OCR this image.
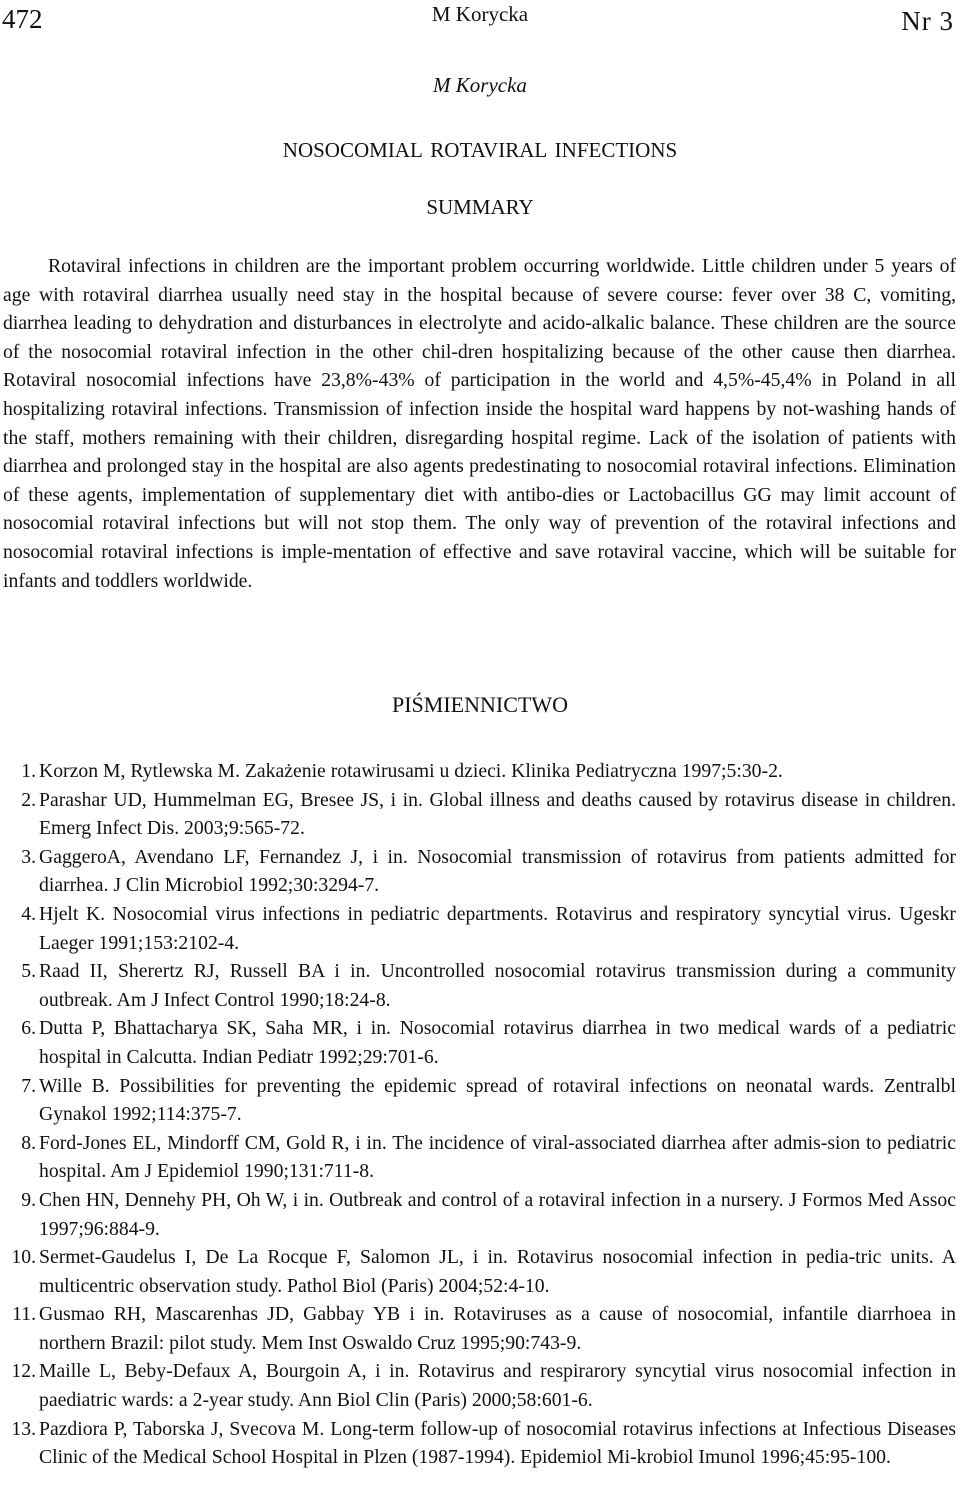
472	M Korycka	Nr 3
M Korycka
NOSOCOMIAL ROTAVIRAL INFECTIONS
SUMMARY

Rotaviral infections in children are the important problem occurring worldwide. Little children under 5 years of age with rotaviral diarrhea usually need stay in the hospital because of severe course: fever over 38 C, vomiting, diarrhea leading to dehydration and disturbances in electrolyte and acido-alkalic balance. These children are the source of the nosocomial rotaviral infection in the other chil-dren hospitalizing because of the other cause then diarrhea. Rotaviral nosocomial infections have 23,8%-43% of participation in the world and 4,5%-45,4% in Poland in all hospitalizing rotaviral infections. Transmission of infection inside the hospital ward happens by not-washing hands of the staff, mothers remaining with their children, disregarding hospital regime. Lack of the isolation of patients with diarrhea and prolonged stay in the hospital are also agents predestinating to nosocomial rotaviral infections. Elimination of these agents, implementation of supplementary diet with antibo-dies or Lactobacillus GG may limit account of nosocomial rotaviral infections but will not stop them. The only way of prevention of the rotaviral infections and nosocomial rotaviral infections is imple-mentation of effective and save rotaviral vaccine, which will be suitable for infants and toddlers worldwide.

PIŚMIENNICTWO
1. Korzon M, Rytlewska M. Zakażenie rotawirusami u dzieci. Klinika Pediatryczna 1997;5:30-2.
2. Parashar UD, Hummelman EG, Bresee JS, i in. Global illness and deaths caused by rotavirus disease in children. Emerg Infect Dis. 2003;9:565-72.
3. GaggeroA, Avendano LF, Fernandez J, i in. Nosocomial transmission of rotavirus from patients admitted for diarrhea. J Clin Microbiol 1992;30:3294-7.
4. Hjelt K. Nosocomial virus infections in pediatric departments. Rotavirus and respiratory syncytial virus. Ugeskr Laeger 1991;153:2102-4.
5. Raad II, Sherertz RJ, Russell BA i in. Uncontrolled nosocomial rotavirus transmission during a community outbreak. Am J Infect Control 1990;18:24-8.
6. Dutta P, Bhattacharya SK, Saha MR, i in. Nosocomial rotavirus diarrhea in two medical wards of a pediatric hospital in Calcutta. Indian Pediatr 1992;29:701-6.
7. Wille B. Possibilities for preventing the epidemic spread of rotaviral infections on neonatal wards. Zentralbl Gynakol 1992;114:375-7.
8. Ford-Jones EL, Mindorff CM, Gold R, i in. The incidence of viral-associated diarrhea after admis-sion to pediatric hospital. Am J Epidemiol 1990;131:711-8.
9. Chen HN, Dennehy PH, Oh W, i in. Outbreak and control of a rotaviral infection in a nursery. J Formos Med Assoc 1997;96:884-9.
10. Sermet-Gaudelus I, De La Rocque F, Salomon JL, i in. Rotavirus nosocomial infection in pedia-tric units. A multicentric observation study. Pathol Biol (Paris) 2004;52:4-10.
11. Gusmao RH, Mascarenhas JD, Gabbay YB i in. Rotaviruses as a cause of nosocomial, infantile diarrhoea in northern Brazil: pilot study. Mem Inst Oswaldo Cruz 1995;90:743-9.
12. Maille L, Beby-Defaux A, Bourgoin A, i in. Rotavirus and respirarory syncytial virus nosocomial infection in paediatric wards: a 2-year study. Ann Biol Clin (Paris) 2000;58:601-6.
13. Pazdiora P, Taborska J, Svecova M. Long-term follow-up of nosocomial rotavirus infections at Infectious Diseases Clinic of the Medical School Hospital in Plzen (1987-1994). Epidemiol Mi-krobiol Imunol 1996;45:95-100.
